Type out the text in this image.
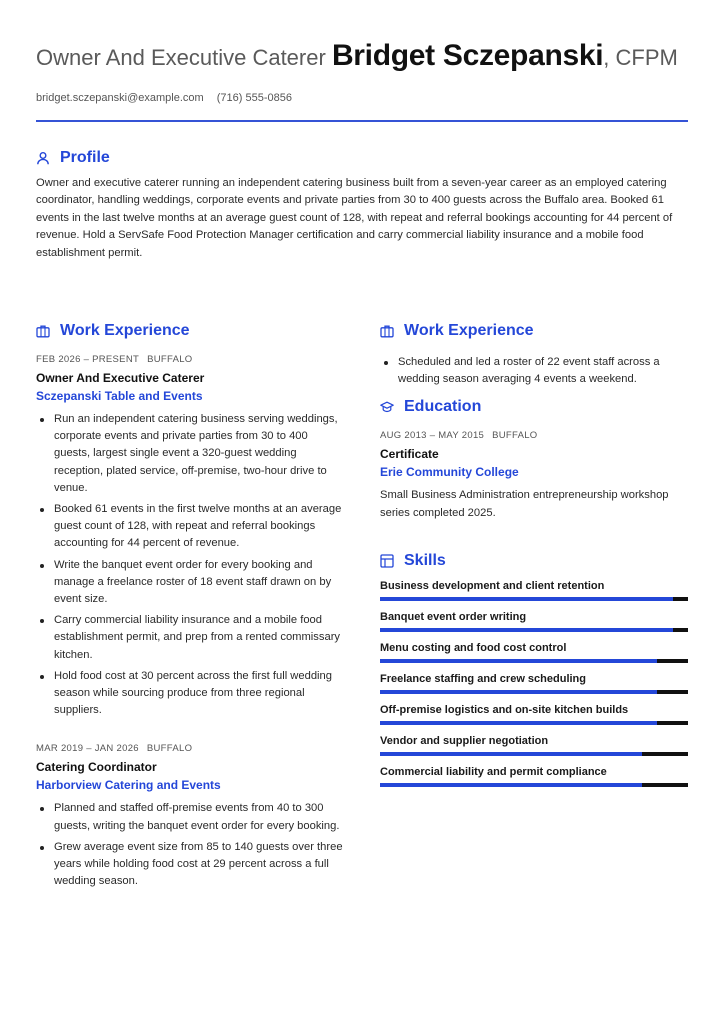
Owner And Executive Caterer Bridget Sczepanski, CFPM
bridget.sczepanski@example.com (716) 555-0856
Profile

Owner and executive caterer running an independent catering business built from a seven-year career as an employed catering coordinator, handling weddings, corporate events and private parties from 30 to 400 guests across the Buffalo area. Booked 61 events in the last twelve months at an average guest count of 128, with repeat and referral bookings accounting for 44 percent of revenue. Hold a ServSafe Food Protection Manager certification and carry commercial liability insurance and a mobile food establishment permit.

Work Experience
FEB 2026 – PRESENT BUFFALO
Owner And Executive Caterer
Sczepanski Table and Events
Run an independent catering business serving weddings, corporate events and private parties from 30 to 400 guests, largest single event a 320-guest wedding reception, plated service, off-premise, two-hour drive to venue.
Booked 61 events in the first twelve months at an average guest count of 128, with repeat and referral bookings accounting for 44 percent of revenue.
Write the banquet event order for every booking and manage a freelance roster of 18 event staff drawn on by event size.
Carry commercial liability insurance and a mobile food establishment permit, and prep from a rented commissary kitchen.
Hold food cost at 30 percent across the first full wedding season while sourcing produce from three regional suppliers.
MAR 2019 – JAN 2026 BUFFALO
Catering Coordinator
Harborview Catering and Events
Planned and staffed off-premise events from 40 to 300 guests, writing the banquet event order for every booking.
Grew average event size from 85 to 140 guests over three years while holding food cost at 29 percent across a full wedding season.
Work Experience
Scheduled and led a roster of 22 event staff across a wedding season averaging 4 events a weekend.
Education
AUG 2013 – MAY 2015 BUFFALO
Certificate
Erie Community College

Small Business Administration entrepreneurship workshop series completed 2025.

Skills
Business development and client retention
Banquet event order writing
Menu costing and food cost control
Freelance staffing and crew scheduling
Off-premise logistics and on-site kitchen builds
Vendor and supplier negotiation
Commercial liability and permit compliance
